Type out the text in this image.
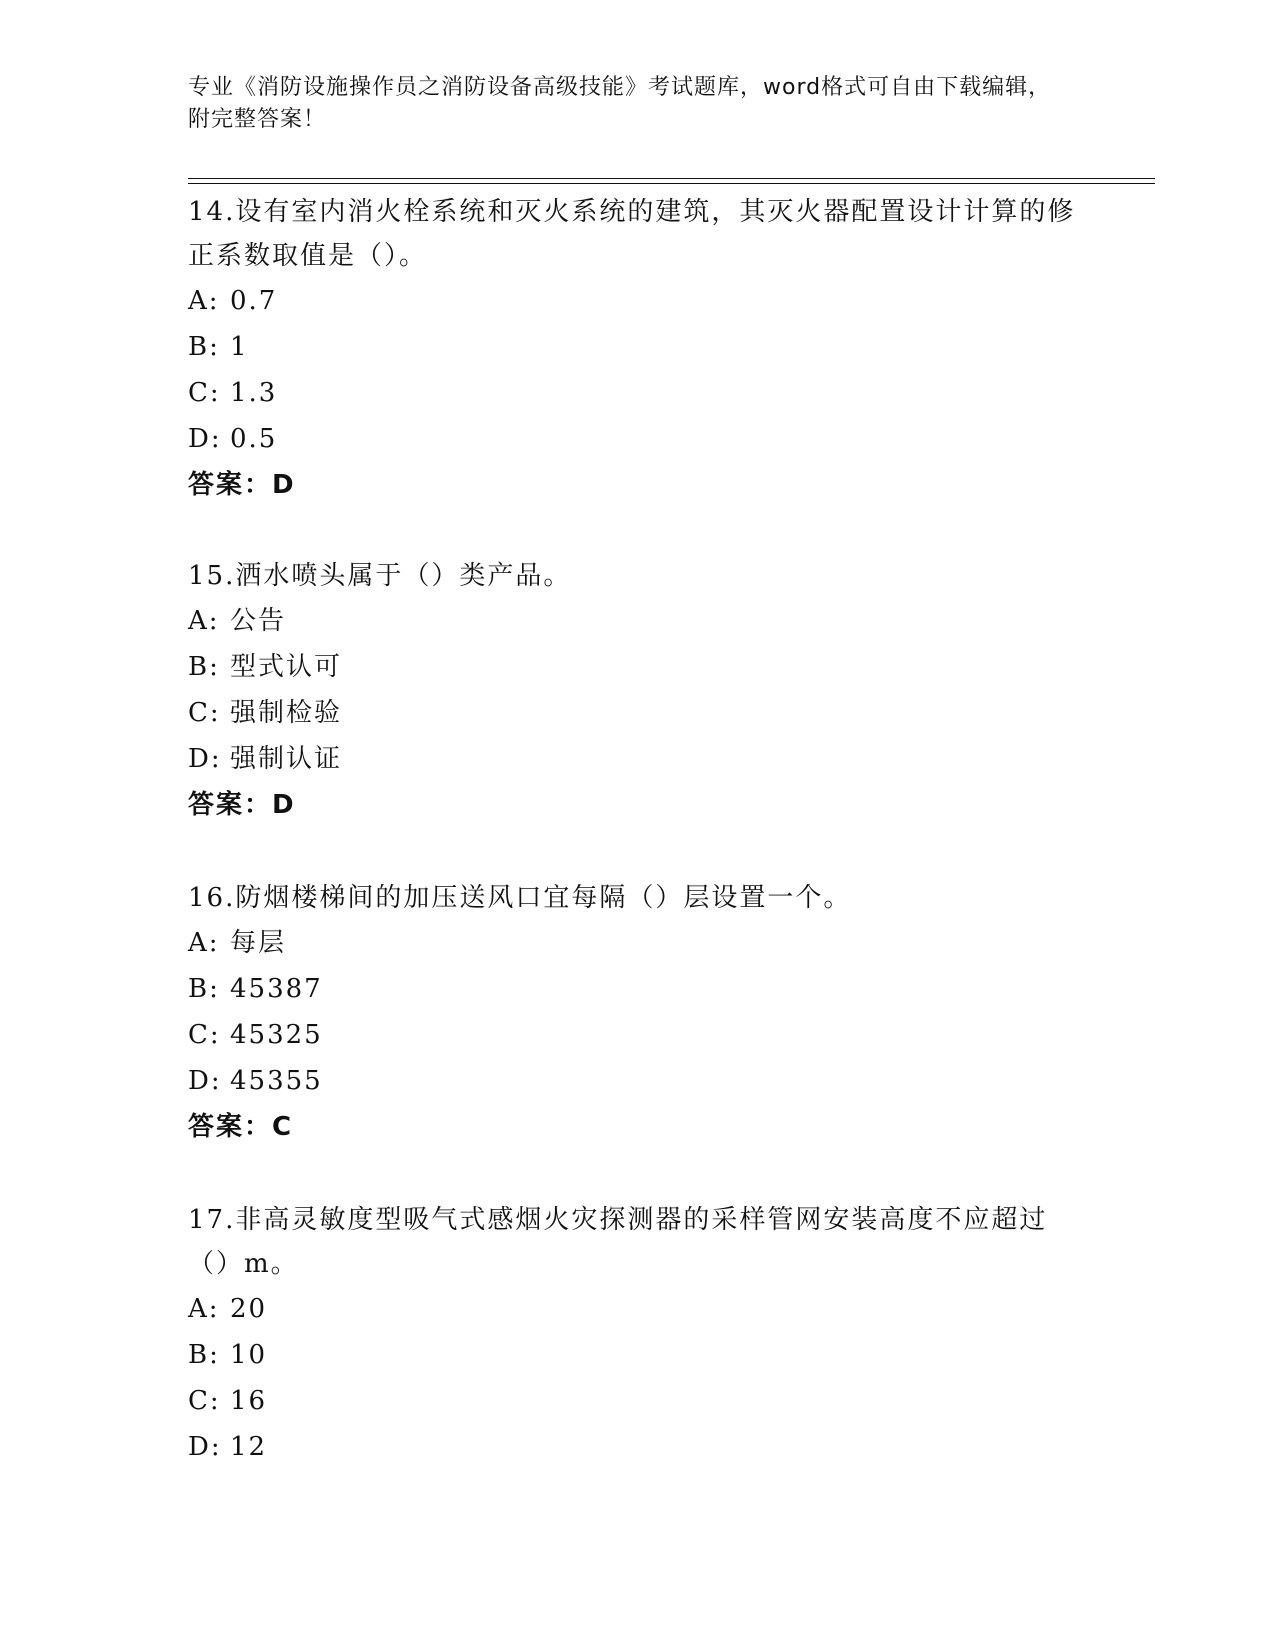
专业《消防设施操作员之消防设备高级技能》考试题库，word格式可自由下载编辑，附完整答案！

14.设有室内消火栓系统和灭火系统的建筑，其灭火器配置设计计算的修正系数取值是（）。

A: 0.7
B: 1
C: 1.3
D: 0.5
答案：D

15.洒水喷头属于（）类产品。

A: 公告
B: 型式认可
C: 强制检验
D: 强制认证
答案：D

16.防烟楼梯间的加压送风口宜每隔（）层设置一个。

A: 每层
B: 45387
C: 45325
D: 45355
答案：C

17.非高灵敏度型吸气式感烟火灾探测器的采样管网安装高度不应超过（）m。

A: 20
B: 10
C: 16
D: 12
